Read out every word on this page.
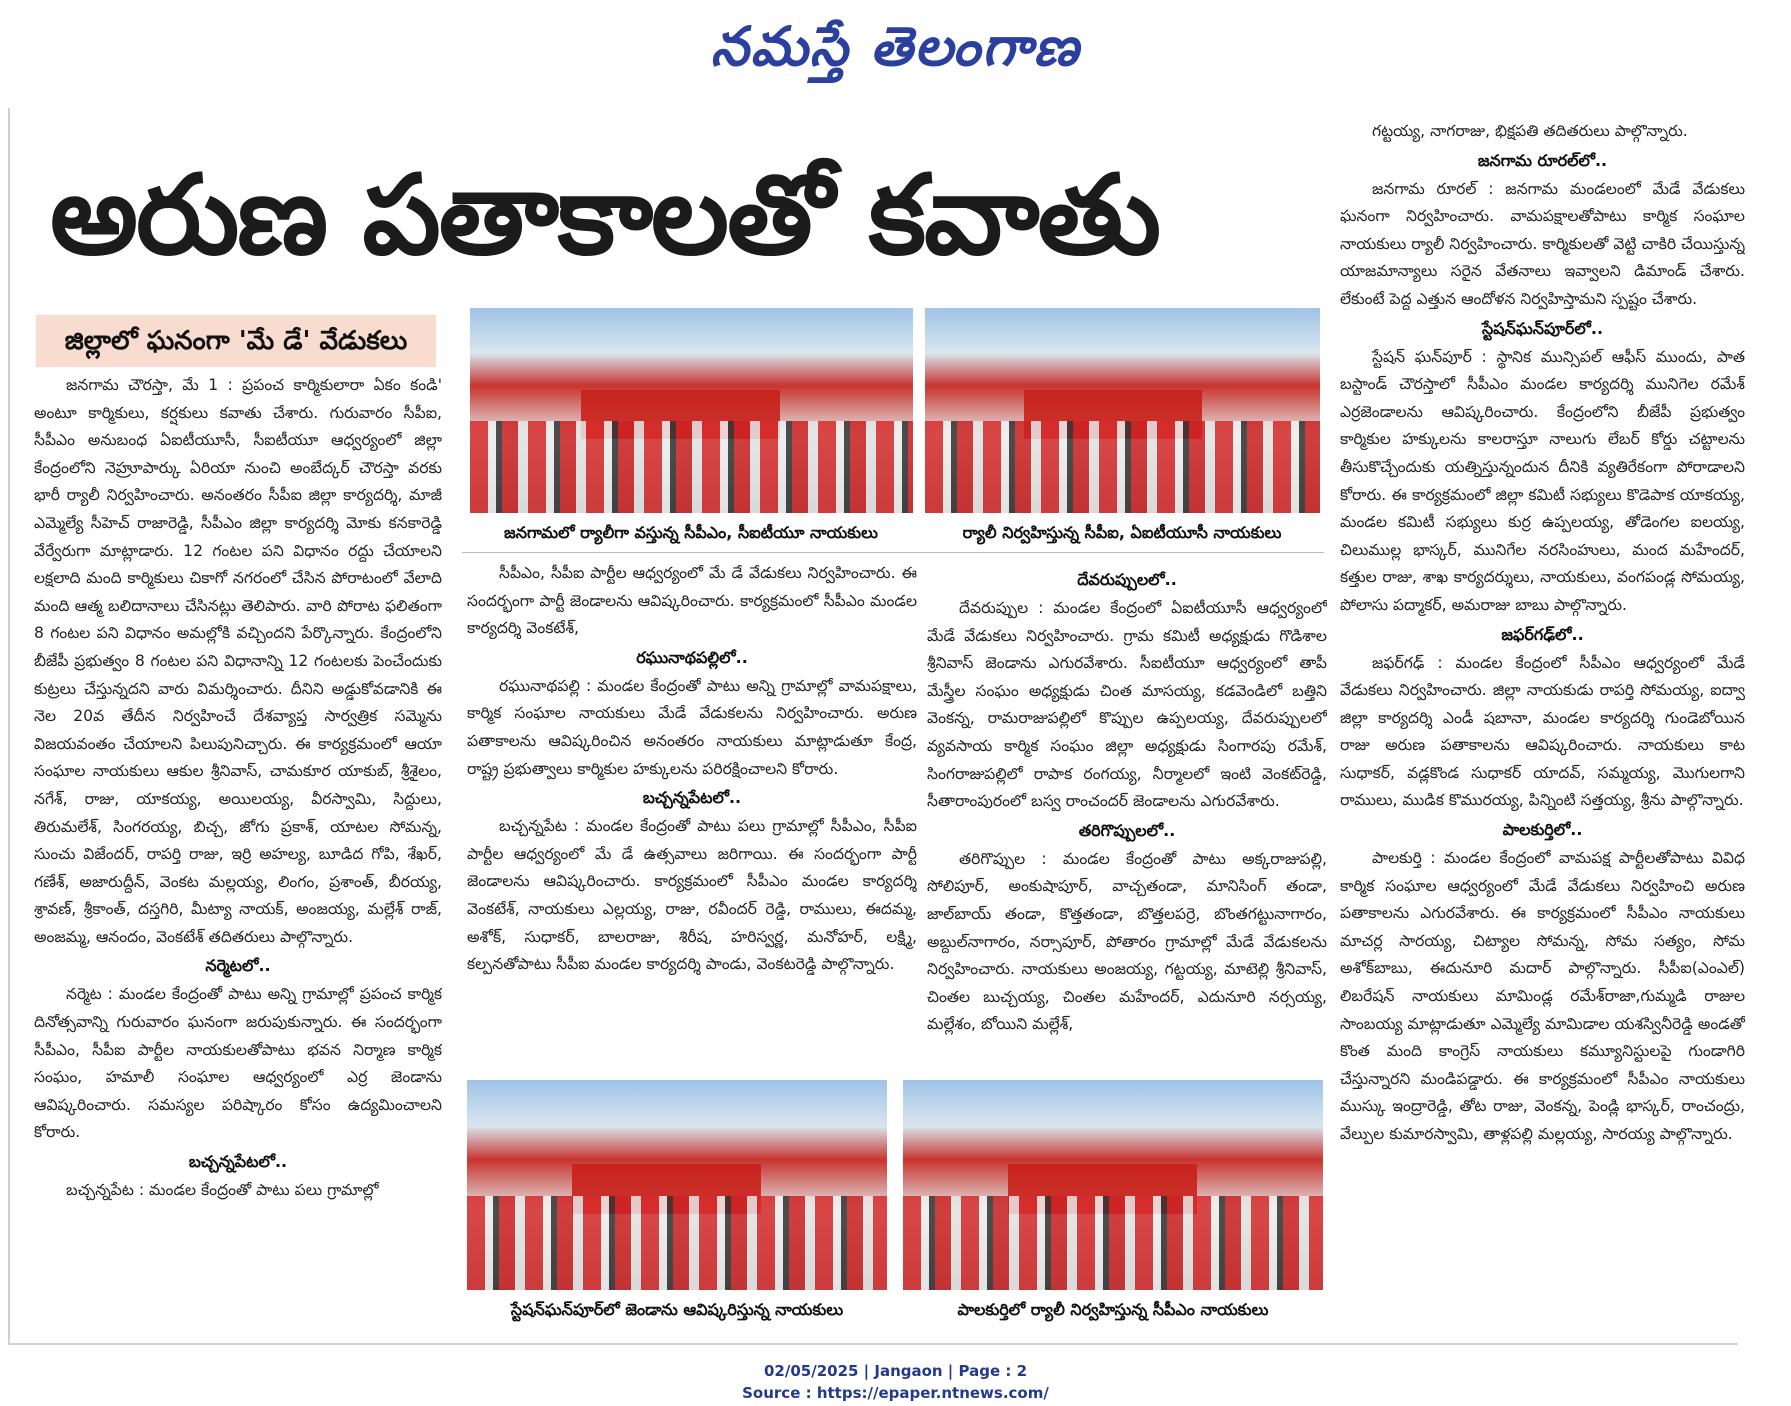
నమస్తే తెలంగాణ
అరుణ పతాకాలతో కవాతు
జిల్లాలో ఘనంగా 'మే డే' వేడుకలు

జనగామ చౌరస్తా, మే 1 : ప్రపంచ కార్మికులారా ఏకం కండి' అంటూ కార్మికులు, కర్షకులు కవాతు చేశారు. గురువారం సీపీఐ, సీపీఎం అనుబంధ ఏఐటీయూసీ, సీఐటీయూ ఆధ్వర్యంలో జిల్లా కేంద్రంలోని నెహ్రూపార్కు ఏరియా నుంచి అంబేద్కర్ చౌరస్తా వరకు భారీ ర్యాలీ నిర్వహించారు. అనంతరం సీపీఐ జిల్లా కార్యదర్శి, మాజీ ఎమ్మెల్యే సీహెచ్ రాజారెడ్డి, సీపీఎం జిల్లా కార్యదర్శి మోకు కనకారెడ్డి వేర్వేరుగా మాట్లాడారు. 12 గంటల పని విధానం రద్దు చేయాలని లక్షలాది మంది కార్మికులు చికాగో నగరంలో చేసిన పోరాటంలో వేలాది మంది ఆత్మ బలిదానాలు చేసినట్లు తెలిపారు. వారి పోరాట ఫలితంగా 8 గంటల పని విధానం అమల్లోకి వచ్చిందని పేర్కొన్నారు. కేంద్రంలోని బీజేపీ ప్రభుత్వం 8 గంటల పని విధానాన్ని 12 గంటలకు పెంచేందుకు కుట్రలు చేస్తున్నదని వారు విమర్శించారు. దీనిని అడ్డుకోవడానికి ఈ నెల 20వ తేదీన నిర్వహించే దేశవ్యాప్త సార్వత్రిక సమ్మెను విజయవంతం చేయాలని పిలుపునిచ్చారు. ఈ కార్యక్రమంలో ఆయా సంఘాల నాయకులు ఆకుల శ్రీనివాస్, చామకూర యాకుబ్, శ్రీశైలం, నగేశ్, రాజు, యాకయ్య, అయిలయ్య, వీరస్వామి, సిద్దులు, తిరుమలేశ్, సింగరయ్య, బిచ్చ, జోగు ప్రకాశ్, యాటల సోమన్న, సుంచు విజేందర్, రాపర్తి రాజు, ఇర్రి అహల్య, బూడిద గోపి, శేఖర్, గణేశ్, అజారుద్దీన్, వెంకట మల్లయ్య, లింగం, ప్రశాంత్, బీరయ్య, శ్రావణ్, శ్రీకాంత్, దస్తగిరి, మీట్యా నాయక్, అంజయ్య, మల్లేశ్ రాజ్, అంజమ్మ, ఆనందం, వెంకటేశ్ తదితరులు పాల్గొన్నారు.

నర్మెటలో..

నర్మెట : మండల కేంద్రంతో పాటు అన్ని గ్రామాల్లో ప్రపంచ కార్మిక దినోత్సవాన్ని గురువారం ఘనంగా జరుపుకున్నారు. ఈ సందర్భంగా సీపీఎం, సీపీఐ పార్టీల నాయకులతోపాటు భవన నిర్మాణ కార్మిక సంఘం, హమాలీ సంఘాల ఆధ్వర్యంలో ఎర్ర జెండాను ఆవిష్కరించారు. సమస్యల పరిష్కారం కోసం ఉద్యమించాలని కోరారు.

బచ్చన్నపేటలో..

బచ్చన్నపేట : మండల కేంద్రంతో పాటు పలు గ్రామాల్లో

జనగామలో ర్యాలీగా వస్తున్న సీపీఎం, సీఐటీయూ నాయకులు	ర్యాలీ నిర్వహిస్తున్న సీపీఐ, ఏఐటీయూసీ నాయకులు

సీపీఎం, సీపీఐ పార్టీల ఆధ్వర్యంలో మే డే వేడుకలు నిర్వహించారు. ఈ సందర్భంగా పార్టీ జెండాలను ఆవిష్కరించారు. కార్యక్రమంలో సీపీఎం మండల కార్యదర్శి వెంకటేశ్,

రఘునాథపల్లిలో..

రఘునాథపల్లి : మండల కేంద్రంతో పాటు అన్ని గ్రామాల్లో వామపక్షాలు, కార్మిక సంఘాల నాయకులు మేడే వేడుకలను నిర్వహించారు. అరుణ పతాకాలను ఆవిష్కరించిన అనంతరం నాయకులు మాట్లాడుతూ కేంద్ర, రాష్ట్ర ప్రభుత్వాలు కార్మికుల హక్కులను పరిరక్షించాలని కోరారు.

బచ్చన్నపేటలో..

బచ్చన్నపేట : మండల కేంద్రంతో పాటు పలు గ్రామాల్లో సీపీఎం, సీపీఐ పార్టీల ఆధ్వర్యంలో మే డే ఉత్సవాలు జరిగాయి. ఈ సందర్భంగా పార్టీ జెండాలను ఆవిష్కరించారు. కార్యక్రమంలో సీపీఎం మండల కార్యదర్శి వెంకటేశ్, నాయకులు ఎల్లయ్య, రాజు, రవీందర్ రెడ్డి, రాములు, ఈదమ్మ, అశోక్, సుధాకర్, బాలరాజు, శిరీష, హరిస్వర్ణ, మనోహర్, లక్ష్మి, కల్పనతోపాటు సీపీఐ మండల కార్యదర్శి పాండు, వెంకటరెడ్డి పాల్గొన్నారు.

దేవరుప్పులలో..

దేవరుప్పుల : మండల కేంద్రంలో ఏఐటీయూసీ ఆధ్వర్యంలో మేడే వేడుకలు నిర్వహించారు. గ్రామ కమిటీ అధ్యక్షుడు గొడిశాల శ్రీనివాస్ జెండాను ఎగురవేశారు. సీఐటీయూ ఆధ్వర్యంలో తాపీ మేస్త్రీల సంఘం అధ్యక్షుడు చింత మాసయ్య, కడవెండిలో బత్తిని వెంకన్న, రామరాజుపల్లిలో కొప్పుల ఉప్పలయ్య, దేవరుప్పులలో వ్యవసాయ కార్మిక సంఘం జిల్లా అధ్యక్షుడు సింగారపు రమేశ్, సింగరాజుపల్లిలో రాపాక రంగయ్య, నీర్మాలలో ఇంటి వెంకట్‌రెడ్డి, సీతారాంపురంలో బస్వ రాంచందర్ జెండాలను ఎగురవేశారు.

తరిగొప్పులలో..

తరిగొప్పుల : మండల కేంద్రంతో పాటు అక్కరాజుపల్లి, సోలిపూర్, అంకుషాపూర్, వాచ్చతండా, మానిసింగ్ తండా, జాల్‌బాయ్ తండా, కొత్తతండా, బొత్తలపర్రె, బొంతగట్టునాగారం, అబ్దుల్‌నాగారం, నర్సాపూర్, పోతారం గ్రామాల్లో మేడే వేడుకలను నిర్వహించారు. నాయకులు అంజయ్య, గట్టయ్య, మాటెల్లి శ్రీనివాస్, చింతల బుచ్చయ్య, చింతల మహేందర్, ఎదునూరి నర్సయ్య, మల్లేశం, బోయిని మల్లేశ్,

స్టేషన్‌ఘన్‌పూర్‌లో జెండాను ఆవిష్కరిస్తున్న నాయకులు	పాలకుర్తిలో ర్యాలీ నిర్వహిస్తున్న సీపీఎం నాయకులు

గట్టయ్య, నాగరాజు, భిక్షపతి తదితరులు పాల్గొన్నారు.

జనగామ రూరల్‌లో..

జనగామ రూరల్ : జనగామ మండలంలో మేడే వేడుకలు ఘనంగా నిర్వహించారు. వామపక్షాలతోపాటు కార్మిక సంఘాల నాయకులు ర్యాలీ నిర్వహించారు. కార్మికులతో వెట్టి చాకిరి చేయిస్తున్న యాజమాన్యాలు సరైన వేతనాలు ఇవ్వాలని డిమాండ్ చేశారు. లేకుంటే పెద్ద ఎత్తున ఆందోళన నిర్వహిస్తామని స్పష్టం చేశారు.

స్టేషన్‌ఘన్‌పూర్‌లో..

స్టేషన్ ఘన్‌పూర్ : స్థానిక మున్సిపల్ ఆఫీస్ ముందు, పాత బస్టాండ్ చౌరస్తాలో సీపీఎం మండల కార్యదర్శి మునిగెల రమేశ్ ఎర్రజెండాలను ఆవిష్కరించారు. కేంద్రంలోని బీజేపీ ప్రభుత్వం కార్మికుల హక్కులను కాలరాస్తూ నాలుగు లేబర్ కోర్డు చట్టాలను తీసుకొచ్చేందుకు యత్నిస్తున్నందున దీనికి వ్యతిరేకంగా పోరాడాలని కోరారు. ఈ కార్యక్రమంలో జిల్లా కమిటీ సభ్యులు కొడెపాక యాకయ్య, మండల కమిటీ సభ్యులు కుర్ర ఉప్పలయ్య, తోడెంగల ఐలయ్య, చిలుముల్ల భాస్కర్, మునిగేల నరసింహులు, మంద మహేందర్, కత్తుల రాజు, శాఖ కార్యదర్శులు, నాయకులు, వంగపండ్ల సోమయ్య, పోలాసు పద్మాకర్, అమరాజు బాబు పాల్గొన్నారు.

జఫర్‌గఢ్‌లో..

జఫర్‌గఢ్ : మండల కేంద్రంలో సీపీఎం ఆధ్వర్యంలో మేడే వేడుకలు నిర్వహించారు. జిల్లా నాయకుడు రాపర్తి సోమయ్య, ఐద్వా జిల్లా కార్యదర్శి ఎండీ షబానా, మండల కార్యదర్శి గుండెబోయిన రాజు అరుణ పతాకాలను ఆవిష్కరించారు. నాయకులు కాట సుధాకర్, వడ్లకొండ సుధాకర్ యాదవ్, సమ్మయ్య, మొగులగాని రాములు, ముడిక కొమురయ్య, పిన్నింటి సత్తయ్య, శ్రీను పాల్గొన్నారు.

పాలకుర్తిలో..

పాలకుర్తి : మండల కేంద్రంలో వామపక్ష పార్టీలతోపాటు వివిధ కార్మిక సంఘాల ఆధ్వర్యంలో మేడే వేడుకలు నిర్వహించి అరుణ పతాకాలను ఎగురవేశారు. ఈ కార్యక్రమంలో సీపీఎం నాయకులు మాచర్ల సారయ్య, చిట్యాల సోమన్న, సోమ సత్యం, సోమ అశోక్‌బాబు, ఈదునూరి మదార్ పాల్గొన్నారు. సీపీఐ(ఎంఎల్) లిబరేషన్ నాయకులు మామిండ్ల రమేశ్‌రాజా,గుమ్మడి రాజుల సాంబయ్య మాట్లాడుతూ ఎమ్మెల్యే మామిడాల యశస్వినీరెడ్డి అండతో కొంత మంది కాంగ్రెస్ నాయకులు కమ్యూనిస్టులపై గుండాగిరి చేస్తున్నారని మండిపడ్డారు. ఈ కార్యక్రమంలో సీపీఎం నాయకులు ముస్కు ఇంద్రారెడ్డి, తోట రాజు, వెంకన్న, పెండ్లి భాస్కర్, రాంచంద్రు, వేల్పుల కుమారస్వామి, తాళ్లపల్లి మల్లయ్య, సారయ్య పాల్గొన్నారు.

02/05/2025 | Jangaon | Page : 2
Source : https://epaper.ntnews.com/
